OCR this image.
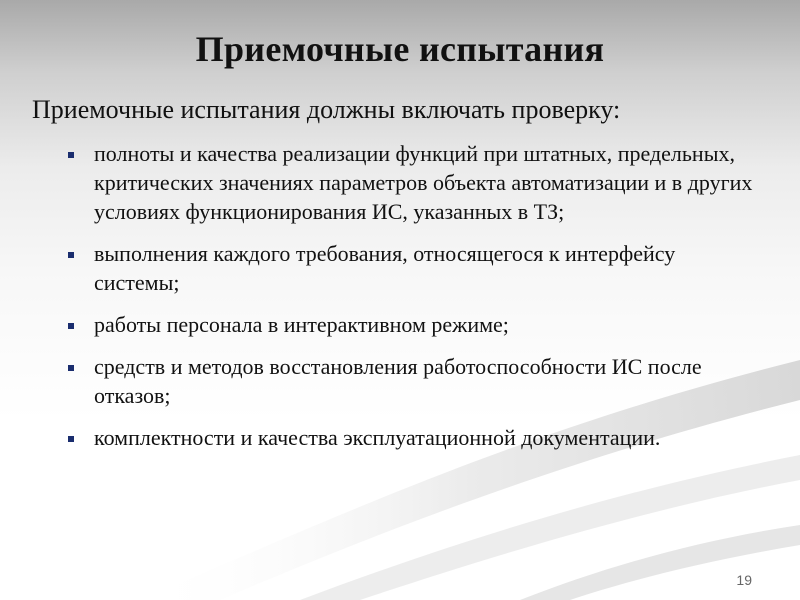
Приемочные испытания
Приемочные испытания должны включать проверку:
полноты и качества реализации функций при штатных, предельных, критических значениях параметров объекта автоматизации и в других условиях функционирования ИС, указанных в ТЗ;
выполнения каждого требования, относящегося к интерфейсу системы;
работы персонала в интерактивном режиме;
средств и методов восстановления работоспособности ИС после отказов;
комплектности и качества эксплуатационной документации.
19
